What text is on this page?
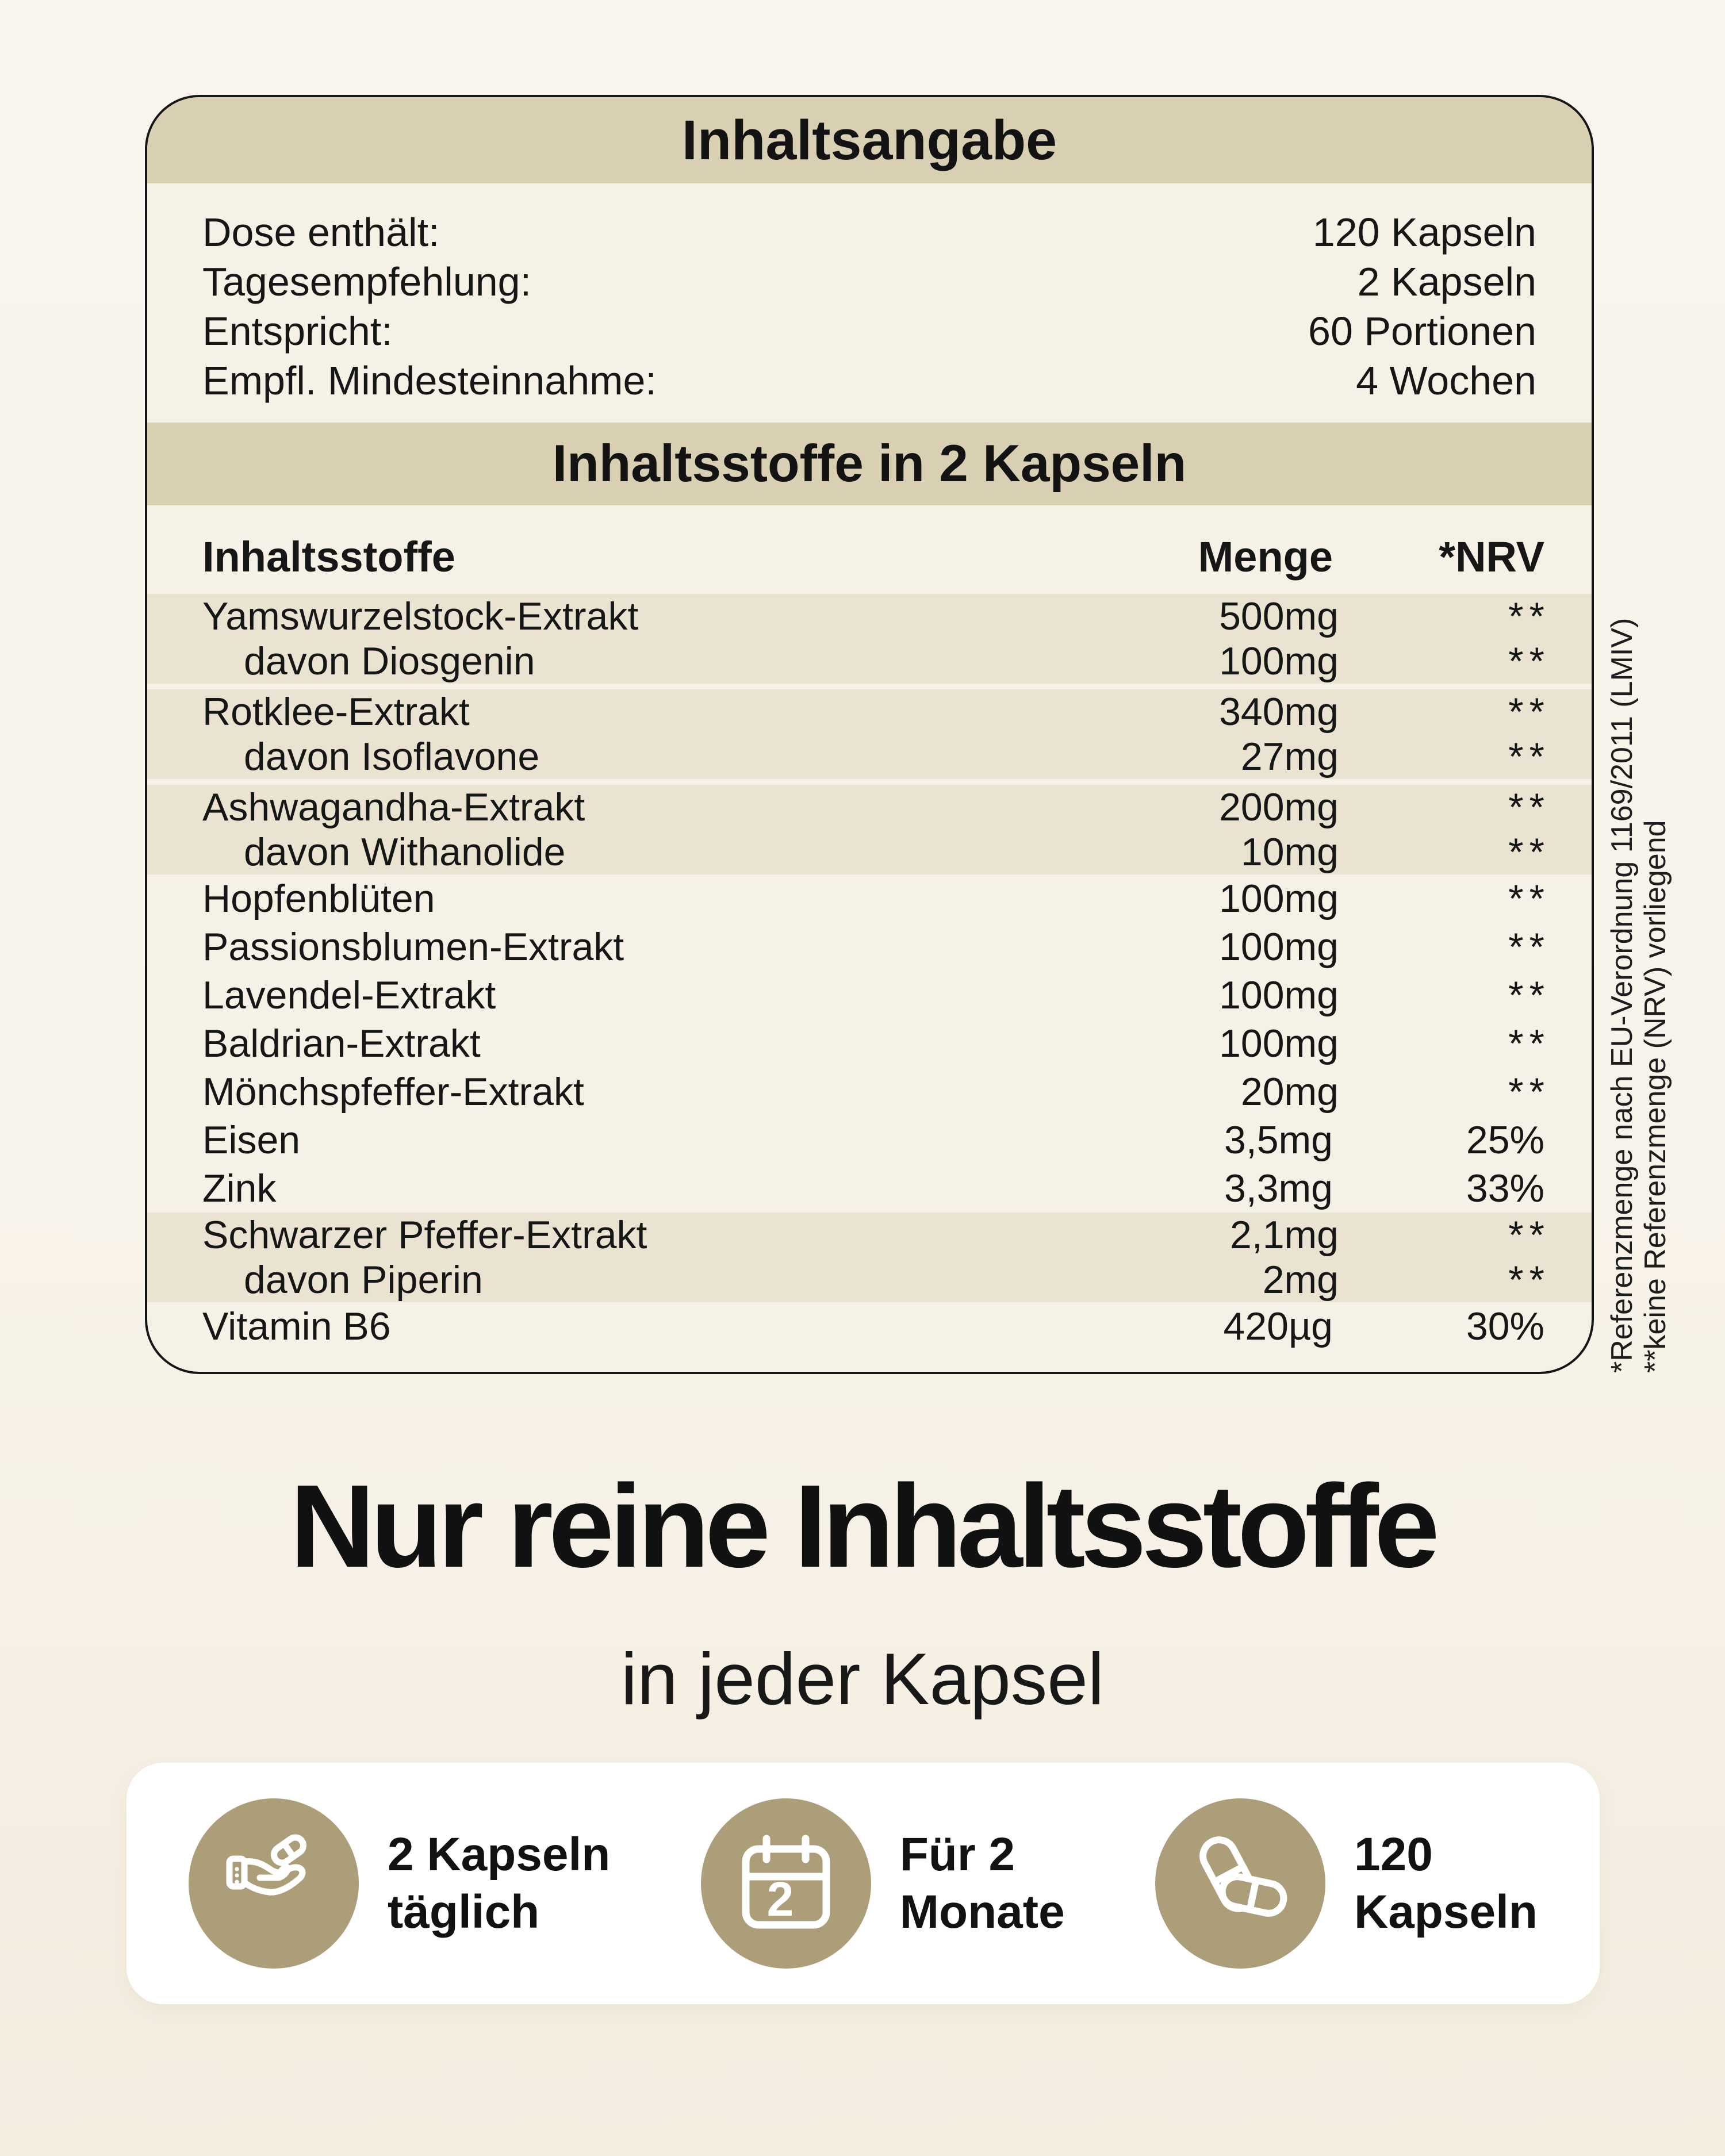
Inhaltsangabe
Dose enthält:	120 Kapseln
Tagesempfehlung:	2 Kapseln
Entspricht:	60 Portionen
Empfl. Mindesteinnahme:	4 Wochen
Inhaltsstoffe in 2 Kapseln
Inhaltsstoffe	Menge	*NRV
Yamswurzelstock-Extrakt	500mg	**
davon Diosgenin	100mg	**
Rotklee-Extrakt	340mg	**
davon Isoflavone	27mg	**
Ashwagandha-Extrakt	200mg	**
davon Withanolide	10mg	**
Hopfenblüten	100mg	**
Passionsblumen-Extrakt	100mg	**
Lavendel-Extrakt	100mg	**
Baldrian-Extrakt	100mg	**
Mönchspfeffer-Extrakt	20mg	**
Eisen	3,5mg	25%
Zink	3,3mg	33%
Schwarzer Pfeffer-Extrakt	2,1mg	**
davon Piperin	2mg	**
Vitamin B6	420µg	30%	*Referenzmenge nach EU-Verordnung 1169/2011 (LMIV) **keine Referenzmenge (NRV) vorliegend
Nur reine Inhaltsstoffe
in jeder Kapsel
2 Kapseln
täglich	2
Für 2
Monate
120
Kapseln
